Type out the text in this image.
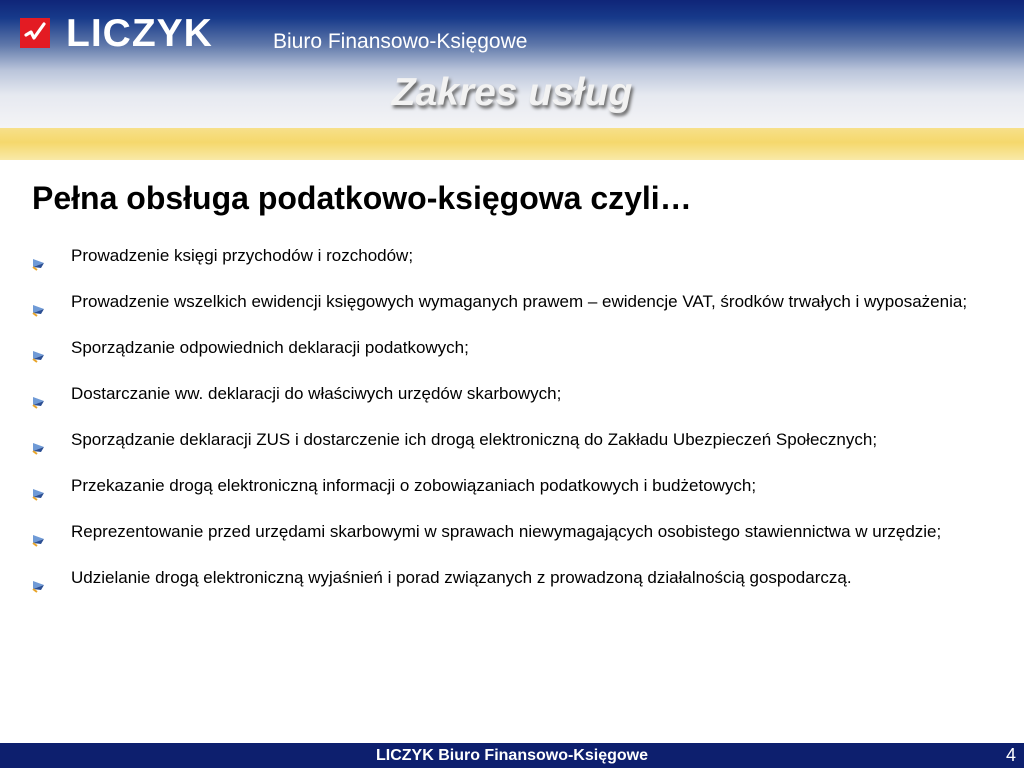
LICZYK	Biuro Finansowo-Księgowe
Zakres usług
Pełna obsługa podatkowo-księgowa czyli…
Prowadzenie księgi przychodów i rozchodów;
Prowadzenie wszelkich ewidencji księgowych wymaganych prawem – ewidencje VAT, środków trwałych i wyposażenia;
Sporządzanie odpowiednich deklaracji podatkowych;
Dostarczanie ww. deklaracji do właściwych urzędów skarbowych;
Sporządzanie deklaracji ZUS i dostarczenie ich drogą elektroniczną do Zakładu Ubezpieczeń Społecznych;
Przekazanie drogą elektroniczną informacji o zobowiązaniach podatkowych i budżetowych;
Reprezentowanie przed urzędami skarbowymi w sprawach niewymagających osobistego stawiennictwa w urzędzie;
Udzielanie drogą elektroniczną wyjaśnień i porad związanych z prowadzoną działalnością gospodarczą.
LICZYK Biuro Finansowo-Księgowe	4
